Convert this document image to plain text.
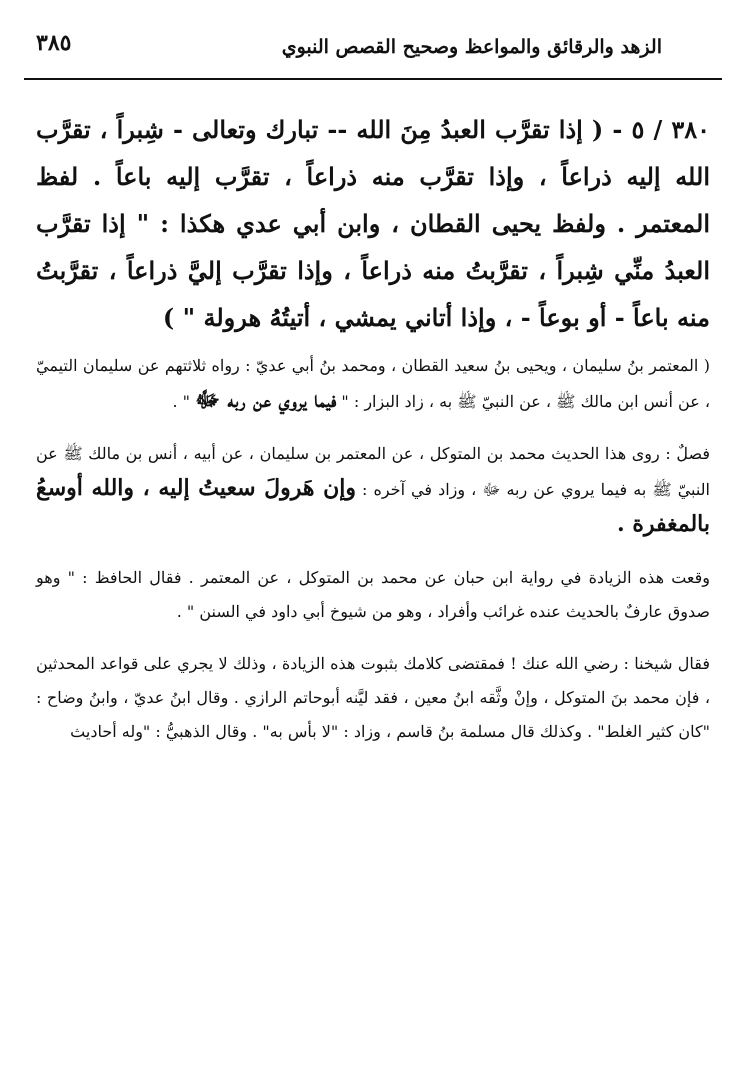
الزهد والرقائق والمواعظ وصحيح القصص النبوي
٣٨٥

٣٨٠ / ٥ - ( إذا تقرَّب العبدُ مِنَ الله -- تبارك وتعالى - شِبراً ، تقرَّب الله إليه ذراعاً ، وإذا تقرَّب منه ذراعاً ، تقرَّب إليه باعاً . لفظ المعتمر . ولفظ يحيى القطان ، وابن أبي عدي هكذا : " إذا تقرَّب العبدُ منِّي شِبراً ، تقرَّبتُ منه ذراعاً ، وإذا تقرَّب إليَّ ذراعاً ، تقرَّبتُ منه باعاً - أو بوعاً - ، وإذا أتاني يمشي ، أتيتُهُ هرولة " )

( المعتمر بنُ سليمان ، ويحيى بنُ سعيد القطان ، ومحمد بنُ أبي عديّ : رواه ثلاثتهم عن سليمان التيميّ ، عن أنس ابن مالك ﷺ ، عن النبيّ ﷺ به ، زاد البزار : " فيما يروي عن ربه ﷻ " .

فصلٌ : روى هذا الحديث محمد بن المتوكل ، عن المعتمر بن سليمان ، عن أبيه ، أنس بن مالك ﷺ عن النبيّ ﷺ به فيما يروي عن ربه ﷻ ، وزاد في آخره : وإن هَرولَ سعيتُ إليه ، والله أوسعُ بالمغفرة .

وقعت هذه الزيادة في رواية ابن حبان عن محمد بن المتوكل ، عن المعتمر . فقال الحافظ : " وهو صدوق عارفٌ بالحديث عنده غرائب وأفراد ، وهو من شيوخ أبي داود في السنن " .

فقال شيخنا : رضي الله عنك ! فمقتضى كلامك بثبوت هذه الزيادة ، وذلك لا يجري على قواعد المحدثين ، فإن محمد بنَ المتوكل ، وإنْ وثَّقه ابنُ معين ، فقد ليَّنه أبوحاتم الرازي . وقال ابنُ عديّ ، وابنُ وضاح : "كان كثير الغلط" . وكذلك قال مسلمة بنُ قاسم ، وزاد : "لا بأس به" . وقال الذهبيُّ : "وله أحاديث
